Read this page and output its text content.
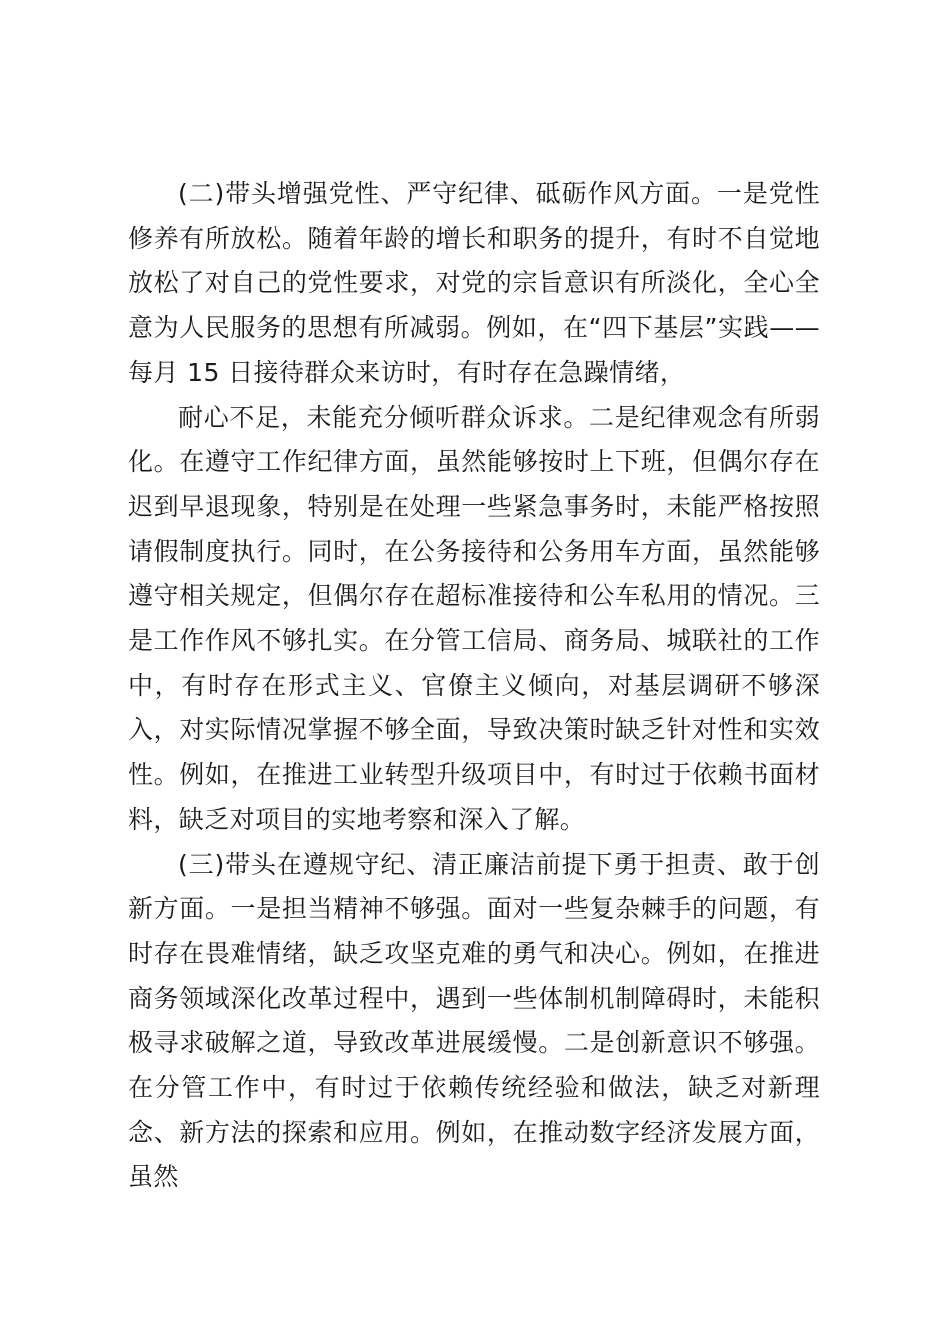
(二)带头增强党性、严守纪律、砥砺作风方面。一是党性修养有所放松。随着年龄的增长和职务的提升，有时不自觉地放松了对自己的党性要求，对党的宗旨意识有所淡化，全心全意为人民服务的思想有所减弱。例如，在“四下基层”实践——每月 15 日接待群众来访时，有时存在急躁情绪，

耐心不足，未能充分倾听群众诉求。二是纪律观念有所弱化。在遵守工作纪律方面，虽然能够按时上下班，但偶尔存在迟到早退现象，特别是在处理一些紧急事务时，未能严格按照请假制度执行。同时，在公务接待和公务用车方面，虽然能够遵守相关规定，但偶尔存在超标准接待和公车私用的情况。三是工作作风不够扎实。在分管工信局、商务局、城联社的工作中，有时存在形式主义、官僚主义倾向，对基层调研不够深入，对实际情况掌握不够全面，导致决策时缺乏针对性和实效性。例如，在推进工业转型升级项目中，有时过于依赖书面材料，缺乏对项目的实地考察和深入了解。

(三)带头在遵规守纪、清正廉洁前提下勇于担责、敢于创新方面。一是担当精神不够强。面对一些复杂棘手的问题，有时存在畏难情绪，缺乏攻坚克难的勇气和决心。例如，在推进商务领域深化改革过程中，遇到一些体制机制障碍时，未能积极寻求破解之道，导致改革进展缓慢。二是创新意识不够强。在分管工作中，有时过于依赖传统经验和做法，缺乏对新理念、新方法的探索和应用。例如，在推动数字经济发展方面，虽然
